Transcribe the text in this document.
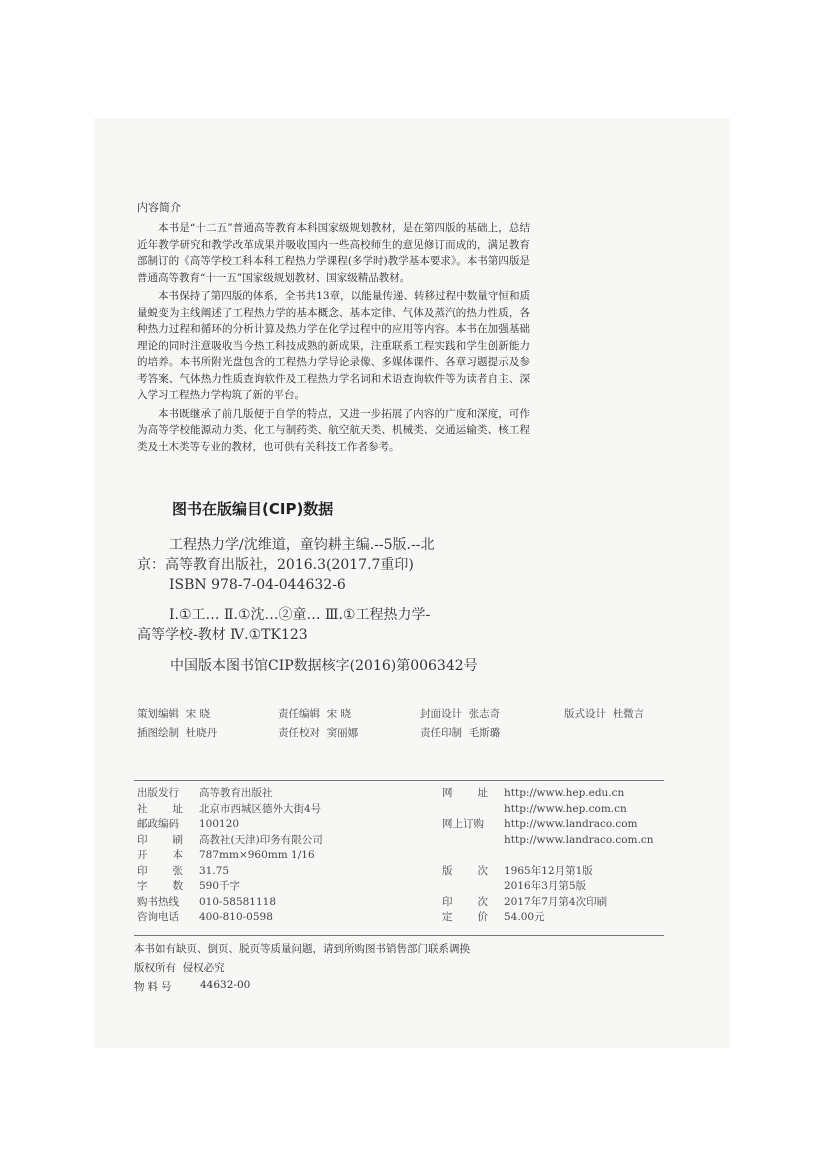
内容简介

本书是“十二五”普通高等教育本科国家级规划教材，是在第四版的基础上，总结近年教学研究和教学改革成果并吸收国内一些高校师生的意见修订而成的，满足教育部制订的《高等学校工科本科工程热力学课程(多学时)教学基本要求》。本书第四版是普通高等教育“十一五”国家级规划教材、国家级精品教材。

本书保持了第四版的体系，全书共13章，以能量传递、转移过程中数量守恒和质量蜕变为主线阐述了工程热力学的基本概念、基本定律、气体及蒸汽的热力性质，各种热力过程和循环的分析计算及热力学在化学过程中的应用等内容。本书在加强基础理论的同时注意吸收当今热工科技成熟的新成果，注重联系工程实践和学生创新能力的培养。本书所附光盘包含的工程热力学导论录像、多媒体课件、各章习题提示及参考答案、气体热力性质查询软件及工程热力学名词和术语查询软件等为读者自主、深入学习工程热力学构筑了新的平台。

本书既继承了前几版便于自学的特点，又进一步拓展了内容的广度和深度，可作为高等学校能源动力类、化工与制药类、航空航天类、机械类、交通运输类、核工程类及土木类等专业的教材，也可供有关科技工作者参考。

图书在版编目(CIP)数据
工程热力学/沈维道，童钧耕主编.--5版.--北
京：高等教育出版社，2016.3(2017.7重印)
ISBN 978-7-04-044632-6
Ⅰ.①工… Ⅱ.①沈…②童… Ⅲ.①工程热力学-
高等学校-教材 Ⅳ.①TK123
中国版本图书馆CIP数据核字(2016)第006342号
策划编辑 宋 晓	责任编辑 宋 晓	封面设计 张志奇	版式设计 杜微言
插图绘制 杜晓丹	责任校对 窦丽娜	责任印制 毛斯璐
出版发行	高等教育出版社
社址 北京市西城区德外大街4号
邮政编码	100120
印刷 高教社(天津)印务有限公司
开本 787mm×960mm 1/16
印张 31.75
字数 590千字
购书热线	010-58581118
咨询电话	400-810-0598
网址 http://www.hep.edu.cn
http://www.hep.com.cn
网上订购	http://www.landraco.com
http://www.landraco.com.cn
版次 1965年12月第1版
2016年3月第5版
印次 2017年7月第4次印刷
定价 54.00元
本书如有缺页、倒页、脱页等质量问题，请到所购图书销售部门联系调换
版权所有 侵权必究
物料号 44632-00
